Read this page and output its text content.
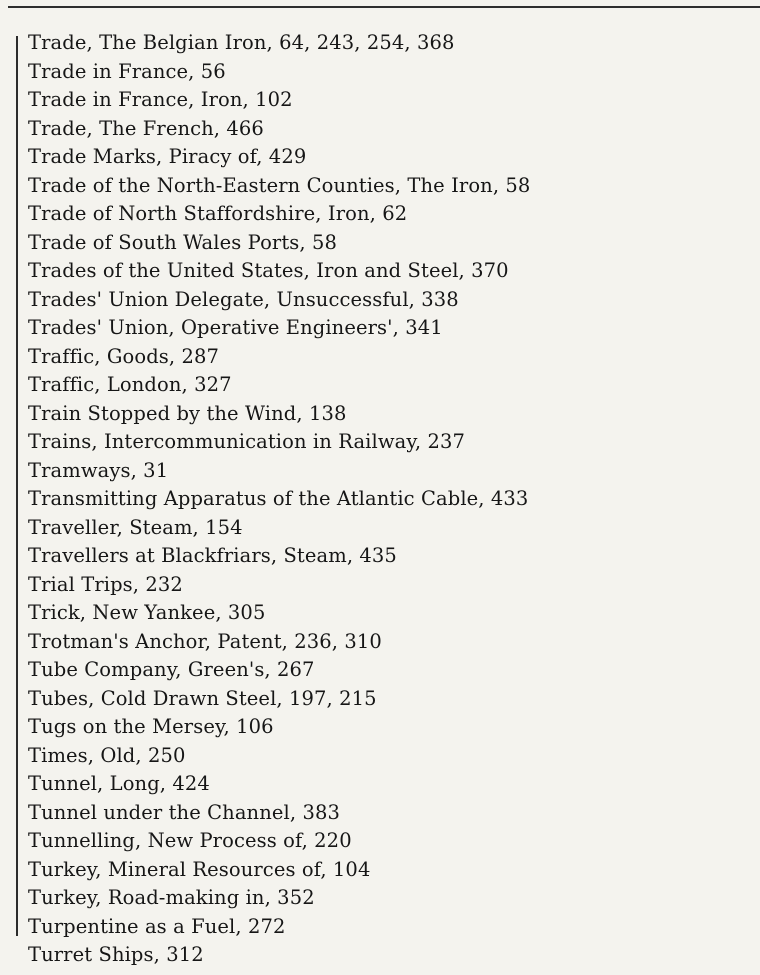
Trade, The Belgian Iron, 64, 243, 254, 368
Trade in France, 56
Trade in France, Iron, 102
Trade, The French, 466
Trade Marks, Piracy of, 429
Trade of the North-Eastern Counties, The Iron, 58
Trade of North Staffordshire, Iron, 62
Trade of South Wales Ports, 58
Trades of the United States, Iron and Steel, 370
Trades' Union Delegate, Unsuccessful, 338
Trades' Union, Operative Engineers', 341
Traffic, Goods, 287
Traffic, London, 327
Train Stopped by the Wind, 138
Trains, Intercommunication in Railway, 237
Tramways, 31
Transmitting Apparatus of the Atlantic Cable, 433
Traveller, Steam, 154
Travellers at Blackfriars, Steam, 435
Trial Trips, 232
Trick, New Yankee, 305
Trotman's Anchor, Patent, 236, 310
Tube Company, Green's, 267
Tubes, Cold Drawn Steel, 197, 215
Tugs on the Mersey, 106
Times, Old, 250
Tunnel, Long, 424
Tunnel under the Channel, 383
Tunnelling, New Process of, 220
Turkey, Mineral Resources of, 104
Turkey, Road-making in, 352
Turpentine as a Fuel, 272
Turret Ships, 312
